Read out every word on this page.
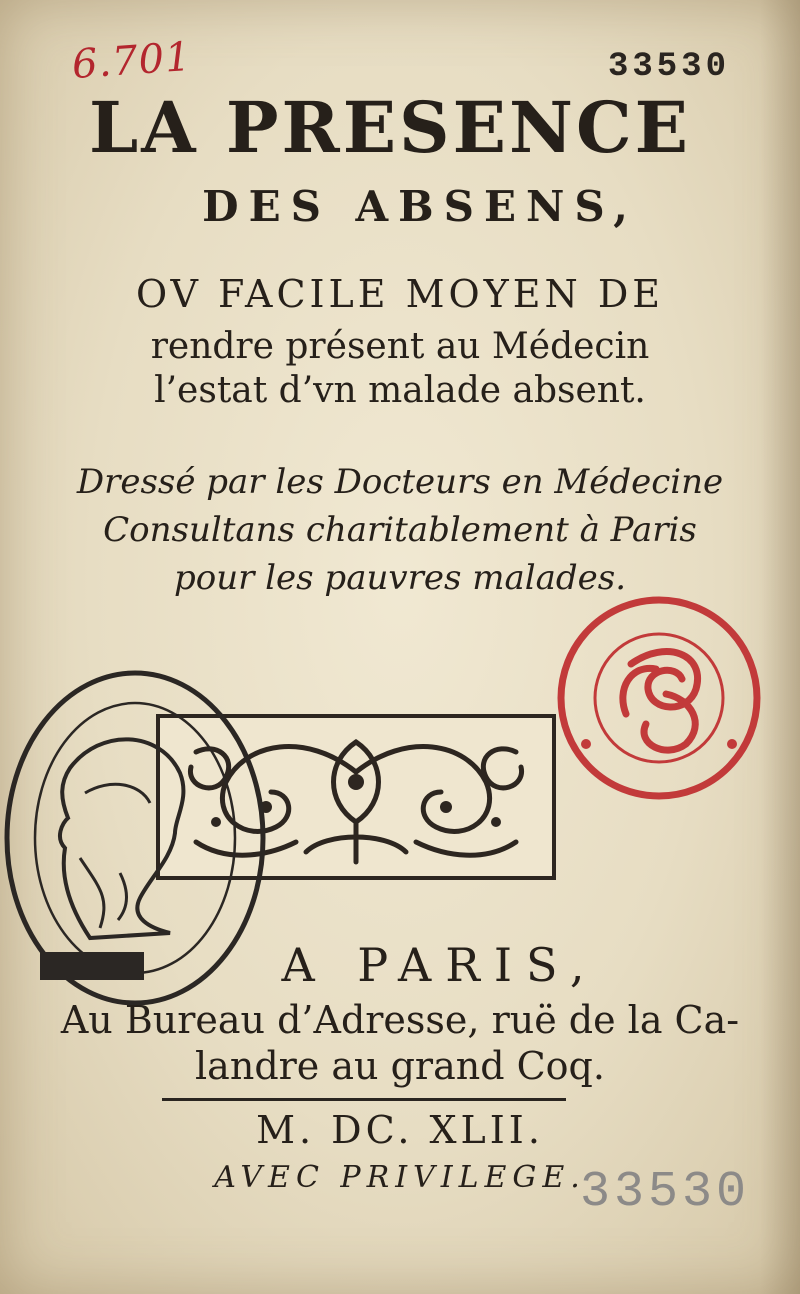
6.701	33530
LA PRESENCE
DES ABSENS,
OV FACILE MOYEN DE
rendre présent au Médecin
l’estat d’vn malade absent.
Dressé par les Docteurs en Médecine
Consultans charitablement à Paris
pour les pauvres malades.
A PARIS,
Au Bureau d’Adresse, ruë de la Ca-
landre au grand Coq.
M. DC. XLII.
AVEC PRIVILEGE.
33530
